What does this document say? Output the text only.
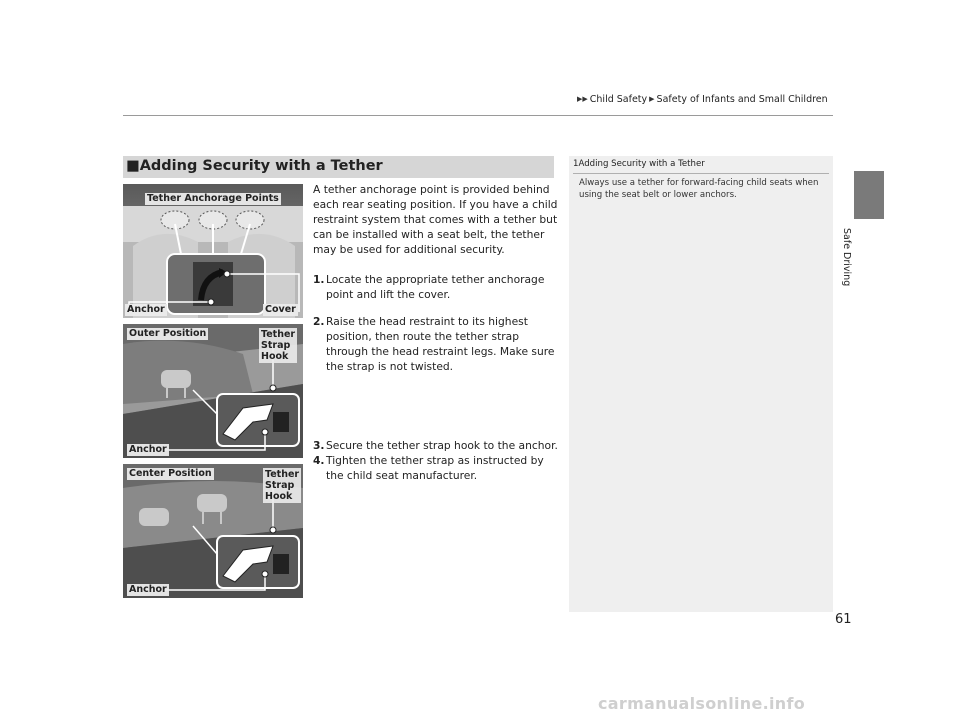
▶▶ Child Safety ▶ Safety of Infants and Small Children
Safe Driving
■Adding Security with a Tether
Tether Anchorage Points
Anchor	Cover
Outer Position	Tether
Strap
Hook
Anchor
Center Position	Tether
Strap
Hook
Anchor

A tether anchorage point is provided behind each rear seating position. If you have a child restraint system that comes with a tether but can be installed with a seat belt, the tether may be used for additional security.

1. Locate the appropriate tether anchorage point and lift the cover.

2. Raise the head restraint to its highest position, then route the tether strap through the head restraint legs. Make sure the strap is not twisted.

3. Secure the tether strap hook to the anchor.

4. Tighten the tether strap as instructed by the child seat manufacturer.

1Adding Security with a Tether
Always use a tether for forward-facing child seats when using the seat belt or lower anchors.
61
carmanualsonline.info
